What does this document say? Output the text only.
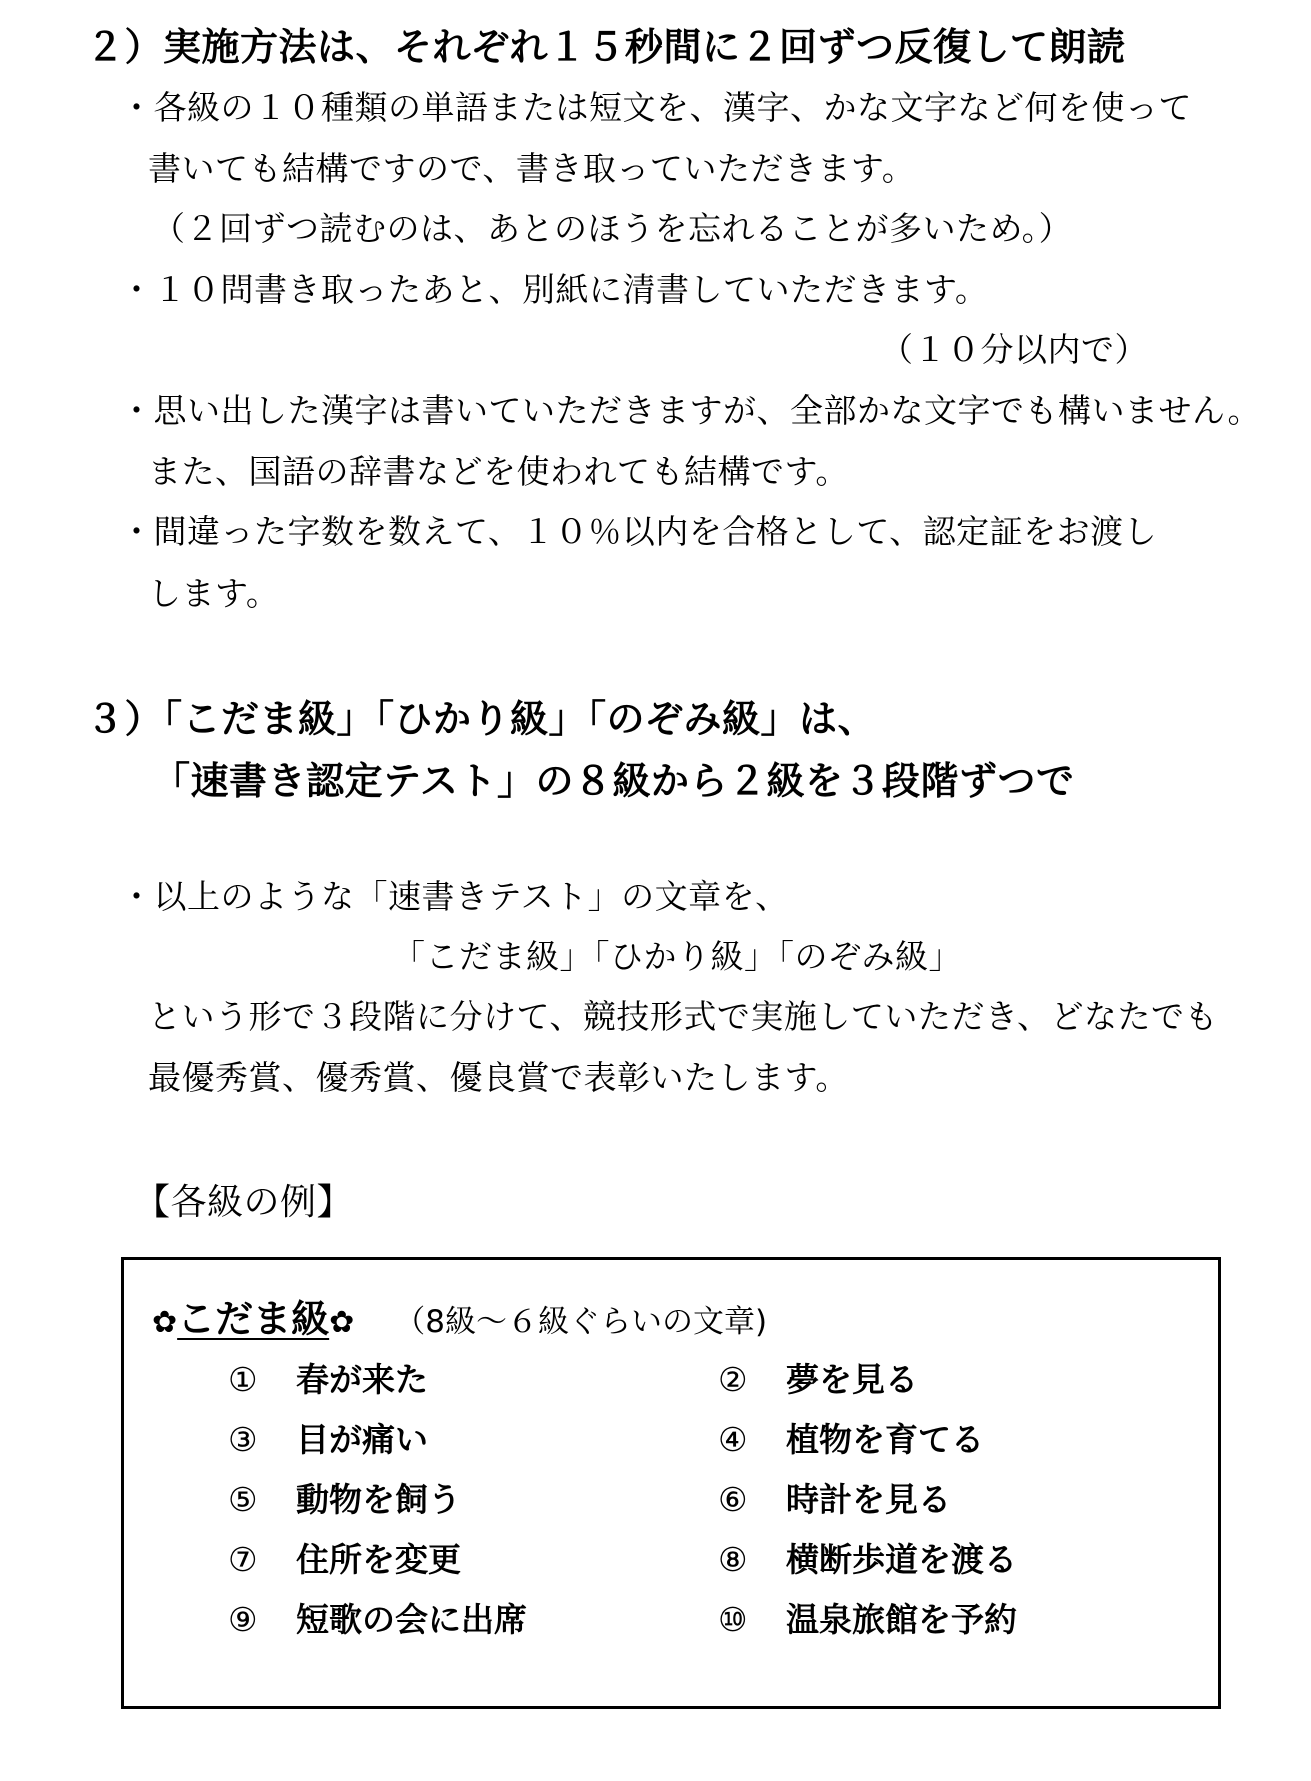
２）実施方法は、それぞれ１５秒間に２回ずつ反復して朗読
・各級の１０種類の単語または短文を、漢字、かな文字など何を使って
書いても結構ですので、書き取っていただきます。
（２回ずつ読むのは、あとのほうを忘れることが多いため。）
・１０問書き取ったあと、別紙に清書していただきます。
（１０分以内で）
・思い出した漢字は書いていただきますが、全部かな文字でも構いません。
また、国語の辞書などを使われても結構です。
・間違った字数を数えて、１０％以内を合格として、認定証をお渡し
します。
３）「こだま級」「ひかり級」「のぞみ級」は、
「速書き認定テスト」の８級から２級を３段階ずつで
・以上のような「速書きテスト」の文章を、
「こだま級」「ひかり級」「のぞみ級」
という形で３段階に分けて、競技形式で実施していただき、どなたでも
最優秀賞、優秀賞、優良賞で表彰いたします。
【各級の例】
✿こだま級✿ （8級〜６級ぐらいの文章)
① 春が来た	② 夢を見る
③ 目が痛い	④ 植物を育てる
⑤ 動物を飼う	⑥ 時計を見る
⑦ 住所を変更	⑧ 横断歩道を渡る
⑨ 短歌の会に出席	⑩ 温泉旅館を予約
